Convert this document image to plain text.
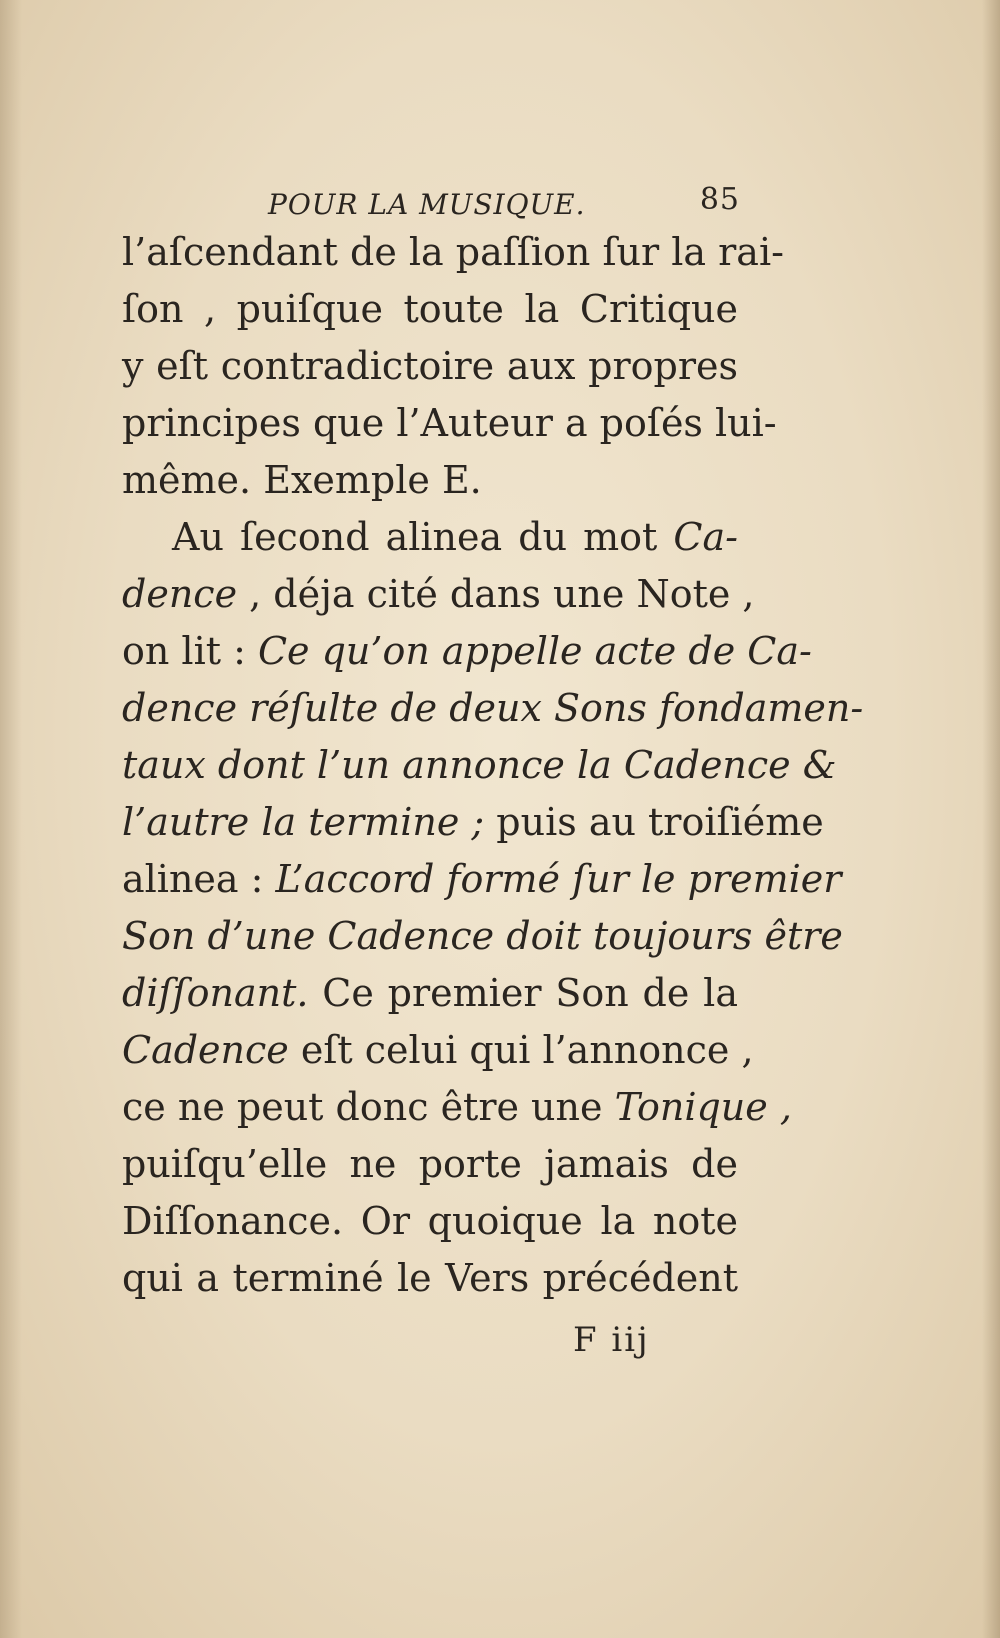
POUR LA MUSIQUE.	85
l’aſcendant de la paſſion ſur la rai-
ſon , puiſque toute la Critique
y eſt contradictoire aux propres
principes que l’Auteur a poſés lui-
même. Exemple E.
Au ſecond alinea du mot Ca-
dence , déja cité dans une Note ,
on lit : Ce qu’on appelle acte de Ca-
dence réſulte de deux Sons fondamen-
taux dont l’un annonce la Cadence &
l’autre la termine ; puis au troiſiéme
alinea : L’accord formé ſur le premier
Son d’une Cadence doit toujours être
diſſonant. Ce premier Son de la
Cadence eſt celui qui l’annonce ,
ce ne peut donc être une Tonique ,
puiſqu’elle ne porte jamais de
Diſſonance. Or quoique la note
qui a terminé le Vers précédent
F iij
